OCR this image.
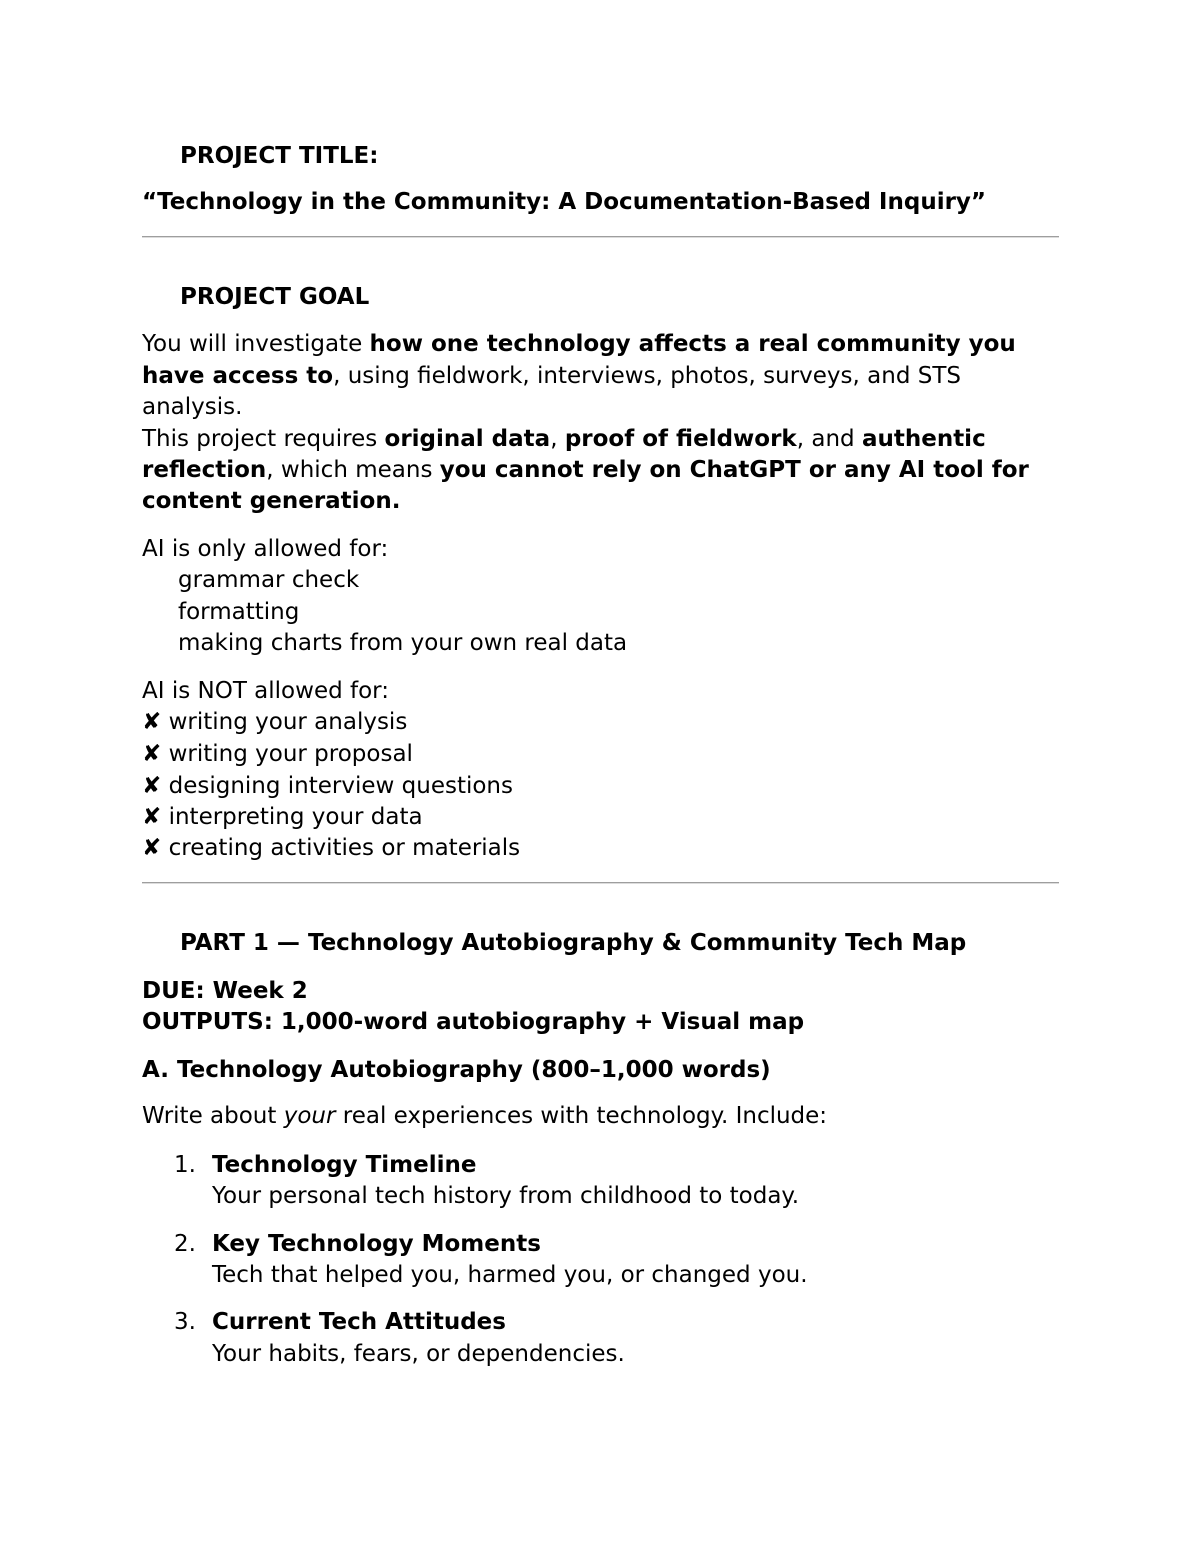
PROJECT TITLE:
“Technology in the Community: A Documentation-Based Inquiry”
PROJECT GOAL
You will investigate how one technology affects a real community you
have access to, using fieldwork, interviews, photos, surveys, and STS
analysis.
This project requires original data, proof of fieldwork, and authentic
reflection, which means you cannot rely on ChatGPT or any AI tool for
content generation.
AI is only allowed for:
grammar check
formatting
making charts from your own real data
AI is NOT allowed for:
✘ writing your analysis
✘ writing your proposal
✘ designing interview questions
✘ interpreting your data
✘ creating activities or materials
PART 1 — Technology Autobiography & Community Tech Map
DUE: Week 2
OUTPUTS: 1,000-word autobiography + Visual map
A. Technology Autobiography (800–1,000 words)
Write about your real experiences with technology. Include:
1. Technology Timeline
Your personal tech history from childhood to today.
2. Key Technology Moments
Tech that helped you, harmed you, or changed you.
3. Current Tech Attitudes
Your habits, fears, or dependencies.
